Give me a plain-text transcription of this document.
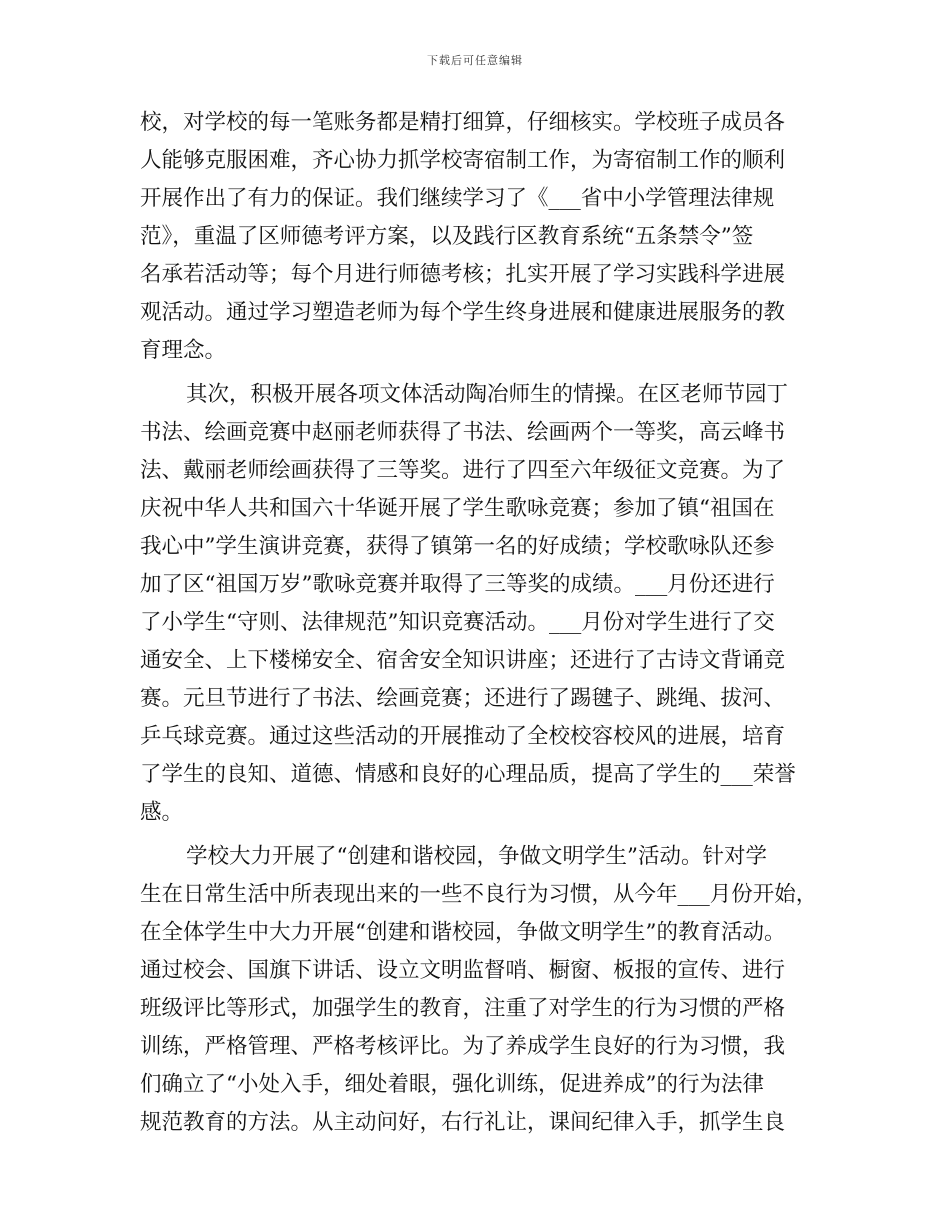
下载后可任意编辑
校，对学校的每一笔账务都是精打细算，仔细核实。学校班子成员各
人能够克服困难，齐心协力抓学校寄宿制工作，为寄宿制工作的顺利
开展作出了有力的保证。我们继续学习了《___省中小学管理法律规
范》，重温了区师德考评方案，以及践行区教育系统“五条禁令”签
名承若活动等；每个月进行师德考核；扎实开展了学习实践科学进展
观活动。通过学习塑造老师为每个学生终身进展和健康进展服务的教
育理念。
其次，积极开展各项文体活动陶冶师生的情操。在区老师节园丁
书法、绘画竞赛中赵丽老师获得了书法、绘画两个一等奖，高云峰书
法、戴丽老师绘画获得了三等奖。进行了四至六年级征文竞赛。为了
庆祝中华人共和国六十华诞开展了学生歌咏竞赛；参加了镇“祖国在
我心中”学生演讲竞赛，获得了镇第一名的好成绩；学校歌咏队还参
加了区“祖国万岁”歌咏竞赛并取得了三等奖的成绩。___月份还进行
了小学生“守则、法律规范”知识竞赛活动。___月份对学生进行了交
通安全、上下楼梯安全、宿舍安全知识讲座；还进行了古诗文背诵竞
赛。元旦节进行了书法、绘画竞赛；还进行了踢毽子、跳绳、拔河、
乒乓球竞赛。通过这些活动的开展推动了全校校容校风的进展，培育
了学生的良知、道德、情感和良好的心理品质，提高了学生的___荣誉
感。
学校大力开展了“创建和谐校园，争做文明学生”活动。针对学
生在日常生活中所表现出来的一些不良行为习惯，从今年___月份开始，
在全体学生中大力开展“创建和谐校园，争做文明学生”的教育活动。
通过校会、国旗下讲话、设立文明监督哨、橱窗、板报的宣传、进行
班级评比等形式，加强学生的教育，注重了对学生的行为习惯的严格
训练，严格管理、严格考核评比。为了养成学生良好的行为习惯，我
们确立了“小处入手，细处着眼，强化训练，促进养成”的行为法律
规范教育的方法。从主动问好，右行礼让，课间纪律入手，抓学生良
